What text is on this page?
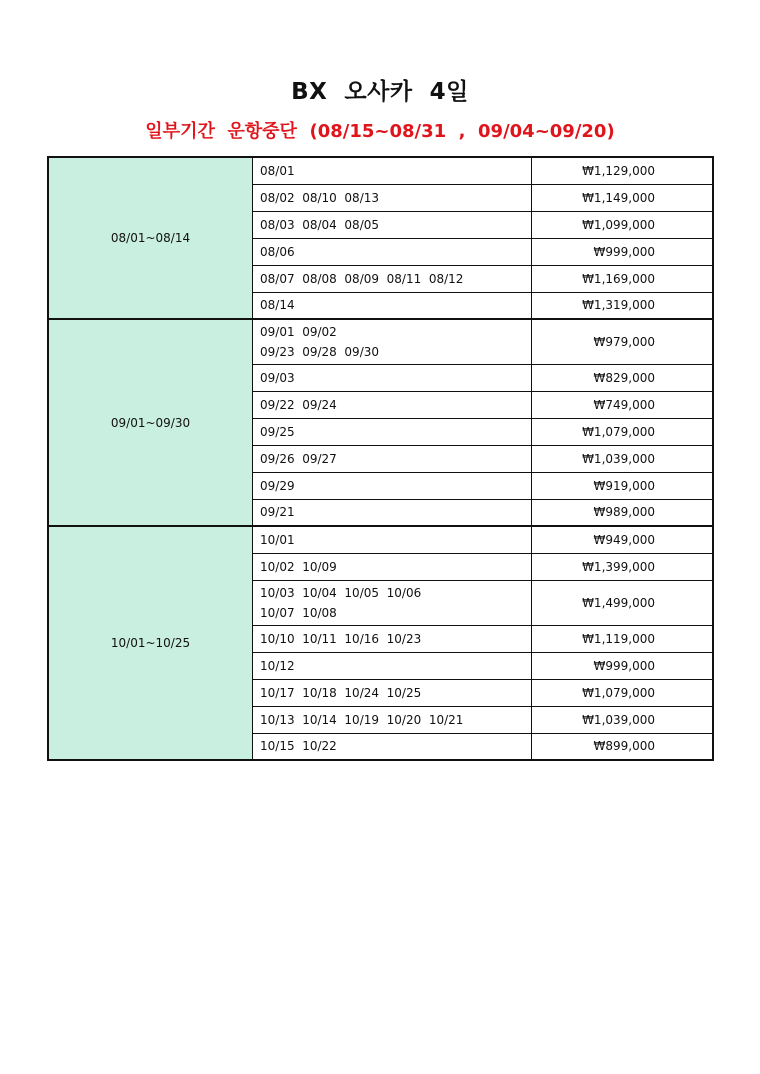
BX  오사카  4일
일부기간  운항중단  (08/15~08/31  ,  09/04~09/20)
08/01~08/14	08/01	₩1,129,000

	08/02  08/10  08/13	₩1,149,000

	08/03  08/04  08/05	₩1,099,000

	08/06	₩999,000

	08/07  08/08  08/09  08/11  08/12	₩1,169,000

	08/14	₩1,319,000
09/01~09/30	09/01  09/02
09/23  09/28  09/30	₩979,000

	09/03	₩829,000

	09/22  09/24	₩749,000

	09/25	₩1,079,000

	09/26  09/27	₩1,039,000

	09/29	₩919,000

	09/21	₩989,000
10/01~10/25	10/01	₩949,000

	10/02  10/09	₩1,399,000

	10/03  10/04  10/05  10/06
10/07  10/08	₩1,499,000

	10/10  10/11  10/16  10/23	₩1,119,000

	10/12	₩999,000

	10/17  10/18  10/24  10/25	₩1,079,000

	10/13  10/14  10/19  10/20  10/21	₩1,039,000

	10/15  10/22	₩899,000
